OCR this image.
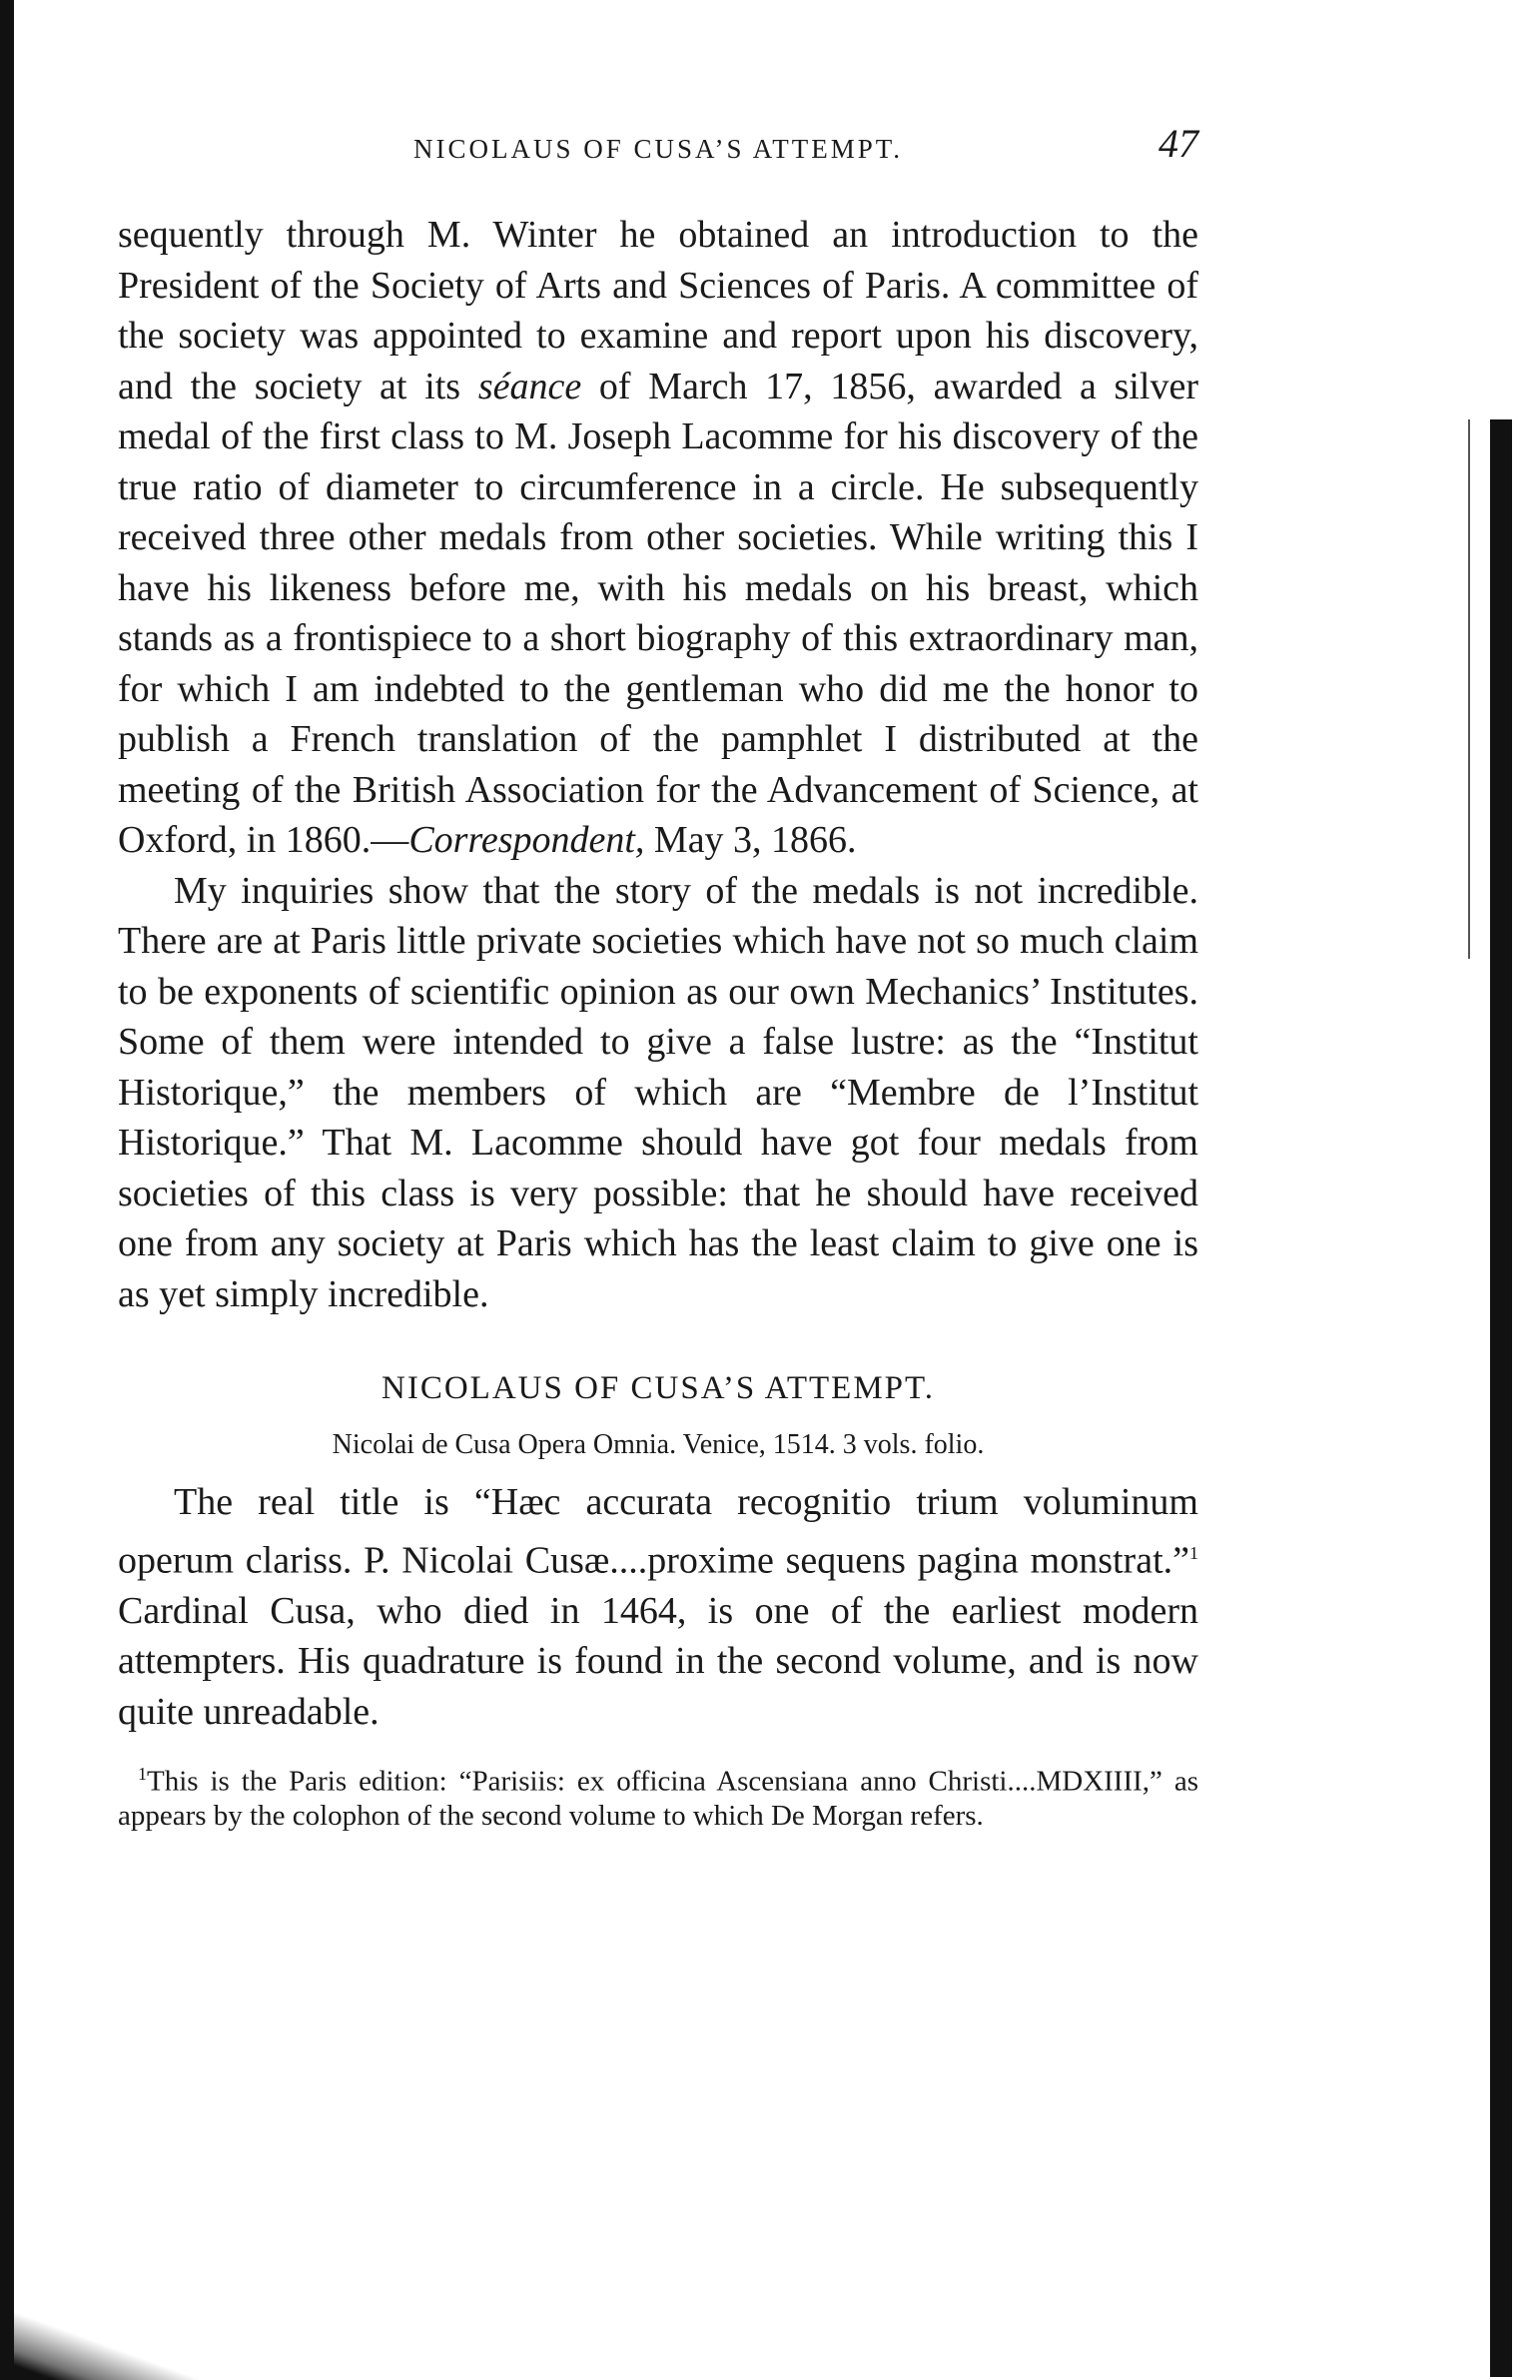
NICOLAUS OF CUSA’S ATTEMPT.	47

sequently through M. Winter he obtained an introduction to the President of the Society of Arts and Sciences of Paris. A committee of the society was appointed to examine and report upon his discovery, and the society at its séance of March 17, 1856, awarded a silver medal of the first class to M. Joseph Lacomme for his discovery of the true ratio of diameter to circumference in a circle. He subsequently received three other medals from other societies. While writing this I have his likeness before me, with his medals on his breast, which stands as a frontispiece to a short biography of this extraordinary man, for which I am indebted to the gentleman who did me the honor to publish a French translation of the pamphlet I distributed at the meeting of the British Association for the Advancement of Science, at Oxford, in 1860.—Correspondent, May 3, 1866.

My inquiries show that the story of the medals is not incredible. There are at Paris little private societies which have not so much claim to be exponents of scientific opinion as our own Mechanics’ Institutes. Some of them were intended to give a false lustre: as the “Institut Historique,” the members of which are “Membre de l’Institut Historique.” That M. Lacomme should have got four medals from societies of this class is very possible: that he should have received one from any society at Paris which has the least claim to give one is as yet simply incredible.

NICOLAUS OF CUSA’S ATTEMPT.
Nicolai de Cusa Opera Omnia. Venice, 1514. 3 vols. folio.

The real title is “Hæc accurata recognitio trium voluminum operum clariss. P. Nicolai Cusæ....proxime sequens pagina monstrat.”$^1$ Cardinal Cusa, who died in 1464, is one of the earliest modern attempters. His quadrature is found in the second volume, and is now quite unreadable.

$^1$This is the Paris edition: “Parisiis: ex officina Ascensiana anno Christi....MDXIIII,” as appears by the colophon of the second volume to which De Morgan refers.
